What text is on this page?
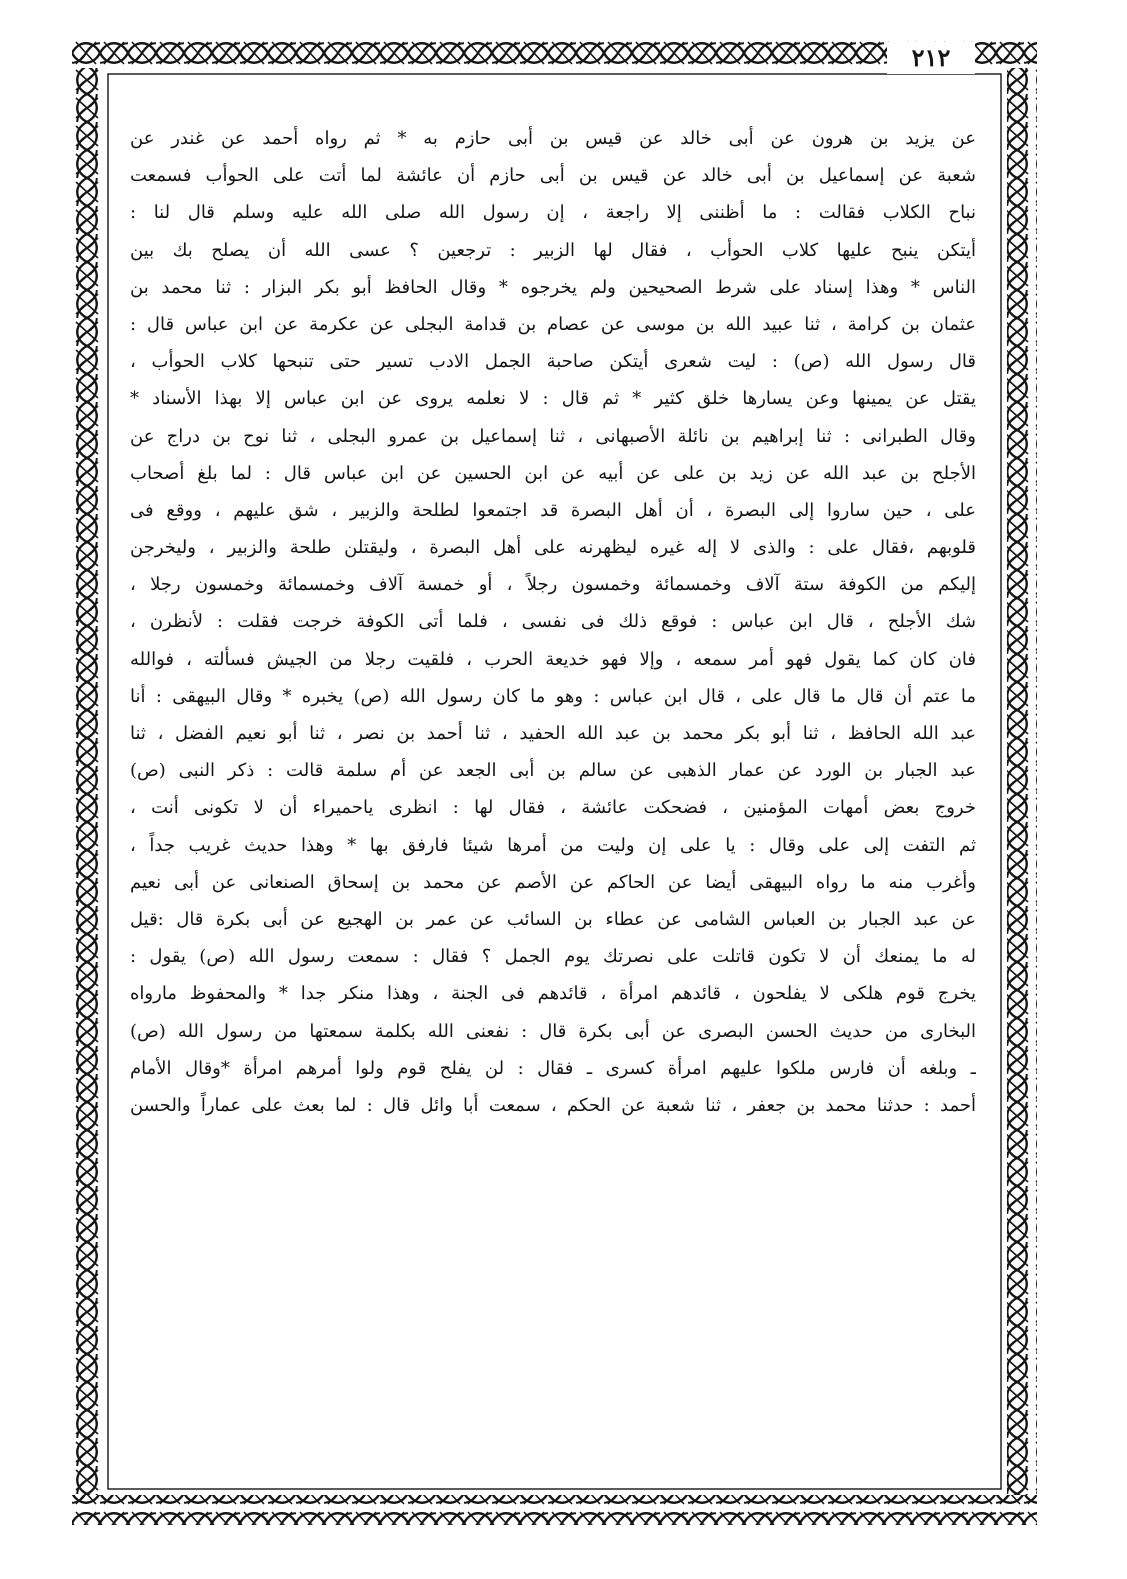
٢١٢
عن يزيد بن هرون عن أبى خالد عن قيس بن أبى حازم به * ثم رواه أحمد عن غندر عن
شعبة عن إسماعيل بن أبى خالد عن قيس بن أبى حازم أن عائشة لما أتت على الحوأب فسمعت
نباح الكلاب فقالت : ما أظننى إلا راجعة ، إن رسول الله صلى الله عليه وسلم قال لنا :
أيتكن ينبح عليها كلاب الحوأب ، فقال لها الزبير : ترجعين ؟ عسى الله أن يصلح بك بين
الناس * وهذا إسناد على شرط الصحيحين ولم يخرجوه * وقال الحافظ أبو بكر البزار : ثنا محمد بن
عثمان بن كرامة ، ثنا عبيد الله بن موسى عن عصام بن قدامة البجلى عن عكرمة عن ابن عباس قال :
قال رسول الله (ص) : ليت شعرى أيتكن صاحبة الجمل الادب تسير حتى تنبحها كلاب الحوأب ،
يقتل عن يمينها وعن يسارها خلق كثير * ثم قال : لا نعلمه يروى عن ابن عباس إلا بهذا الأسناد *
وقال الطبرانى : ثنا إبراهيم بن نائلة الأصبهانى ، ثنا إسماعيل بن عمرو البجلى ، ثنا نوح بن دراج عن
الأجلح بن عبد الله عن زيد بن على عن أبيه عن ابن الحسين عن ابن عباس قال : لما بلغ أصحاب
على ، حين ساروا إلى البصرة ، أن أهل البصرة قد اجتمعوا لطلحة والزبير ، شق عليهم ، ووقع فى
قلوبهم ،فقال على : والذى لا إله غيره ليظهرنه على أهل البصرة ، وليقتلن طلحة والزبير ، وليخرجن
إليكم من الكوفة ستة آلاف وخمسمائة وخمسون رجلاً ، أو خمسة آلاف وخمسمائة وخمسون رجلا ،
شك الأجلح ، قال ابن عباس : فوقع ذلك فى نفسى ، فلما أتى الكوفة خرجت فقلت : لأنظرن ،
فان كان كما يقول فهو أمر سمعه ، وإلا فهو خديعة الحرب ، فلقيت رجلا من الجيش فسألته ، فوالله
ما عتم أن قال ما قال على ، قال ابن عباس : وهو ما كان رسول الله (ص) يخبره * وقال البيهقى : أنا
عبد الله الحافظ ، ثنا أبو بكر محمد بن عبد الله الحفيد ، ثنا أحمد بن نصر ، ثنا أبو نعيم الفضل ، ثنا
عبد الجبار بن الورد عن عمار الذهبى عن سالم بن أبى الجعد عن أم سلمة قالت : ذكر النبى (ص)
خروج بعض أمهات المؤمنين ، فضحكت عائشة ، فقال لها : انظرى ياحميراء أن لا تكونى أنت ،
ثم التفت إلى على وقال : يا على إن وليت من أمرها شيئا فارفق بها * وهذا حديث غريب جداً ،
وأغرب منه ما رواه البيهقى أيضا عن الحاكم عن الأصم عن محمد بن إسحاق الصنعانى عن أبى نعيم
عن عبد الجبار بن العباس الشامى عن عطاء بن السائب عن عمر بن الهجيع عن أبى بكرة قال :قيل
له ما يمنعك أن لا تكون قاتلت على نصرتك يوم الجمل ؟ فقال : سمعت رسول الله (ص) يقول :
يخرج قوم هلكى لا يفلحون ، قائدهم امرأة ، قائدهم فى الجنة ، وهذا منكر جدا * والمحفوظ مارواه
البخارى من حديث الحسن البصرى عن أبى بكرة قال : نفعنى الله بكلمة سمعتها من رسول الله (ص)
ـ وبلغه أن فارس ملكوا عليهم امرأة كسرى ـ فقال : لن يفلح قوم ولوا أمرهم امرأة *وقال الأمام
أحمد : حدثنا محمد بن جعفر ، ثنا شعبة عن الحكم ، سمعت أبا وائل قال : لما بعث على عماراً والحسن
